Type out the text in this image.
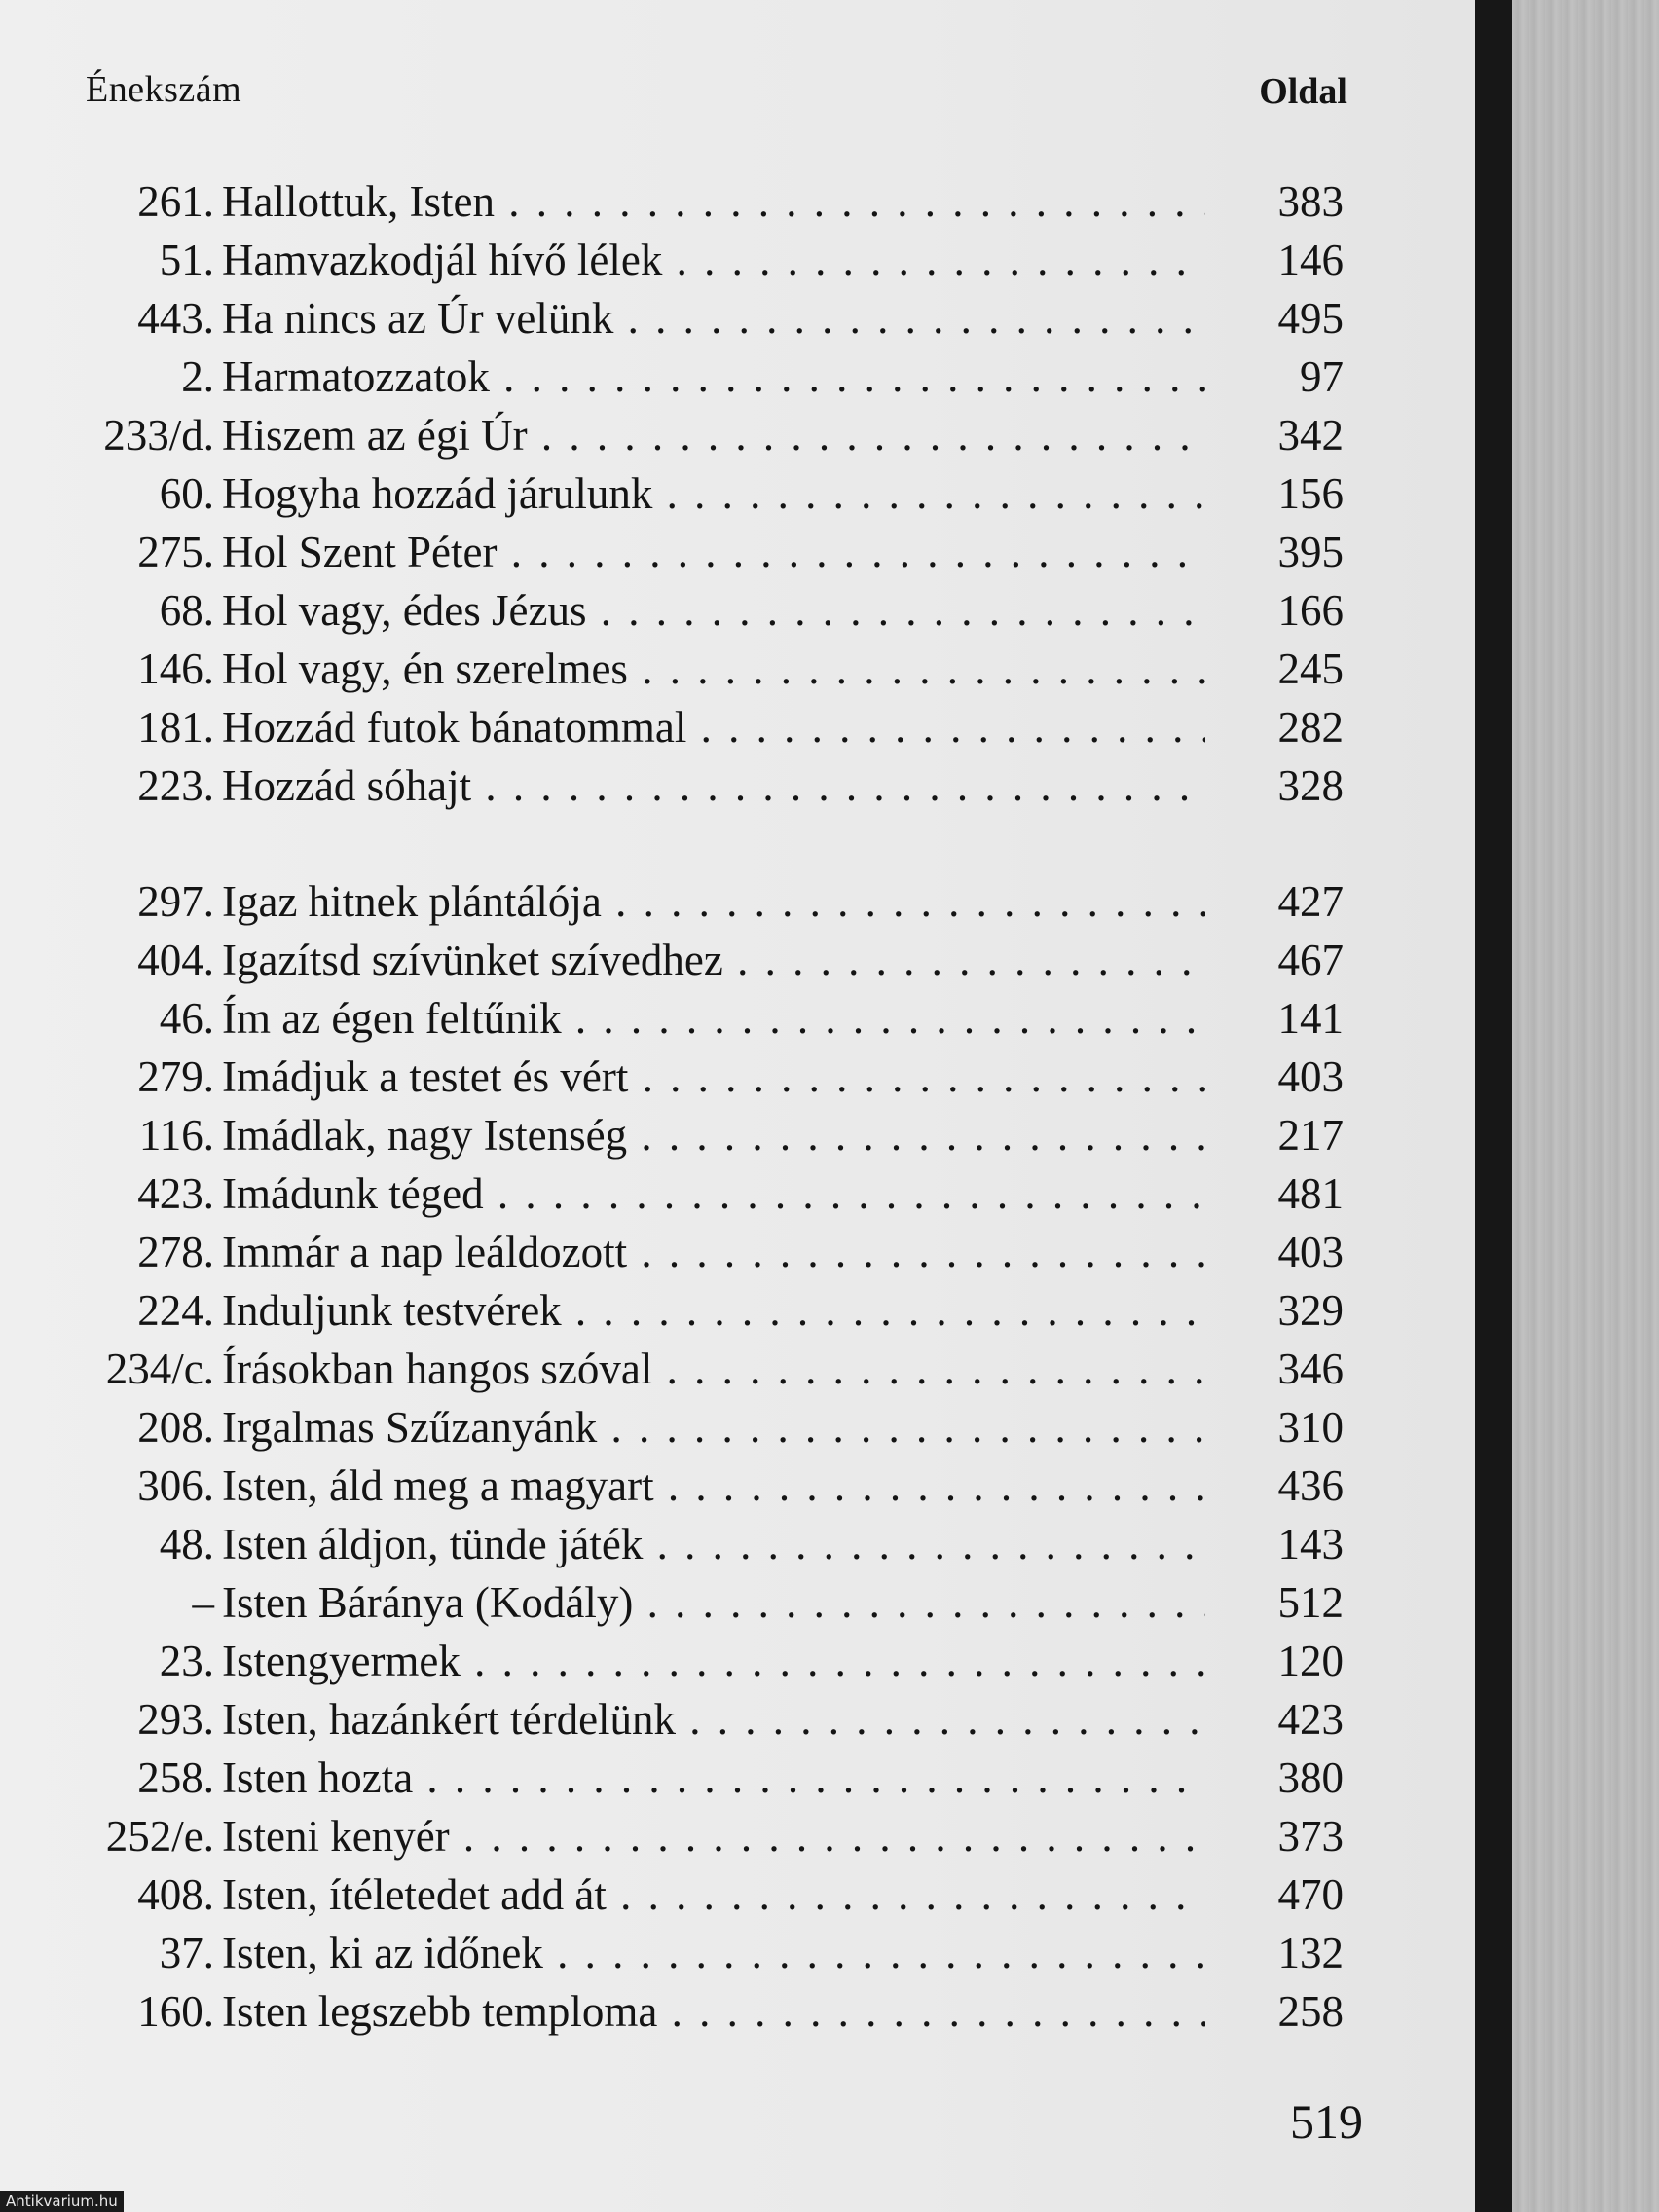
Énekszám	Oldal
261. Hallottuk, Isten . . .	383
51. Hamvazkodjál hívő lélek . . .	146
443. Ha nincs az Úr velünk . . .	495
2. Harmatozzatok . . .	97
233/d. Hiszem az égi Úr . . .	342
60. Hogyha hozzád járulunk . . .	156
275. Hol Szent Péter . . .	395
68. Hol vagy, édes Jézus . . .	166
146. Hol vagy, én szerelmes . . .	245
181. Hozzád futok bánatommal . . .	282
223. Hozzád sóhajt . . .	328
297. Igaz hitnek plántálója . . .	427
404. Igazítsd szívünket szívedhez . . .	467
46. Ím az égen feltűnik . . .	141
279. Imádjuk a testet és vért . . .	403
116. Imádlak, nagy Istenség . . .	217
423. Imádunk téged . . .	481
278. Immár a nap leáldozott . . .	403
224. Induljunk testvérek . . .	329
234/c. Írásokban hangos szóval . . .	346
208. Irgalmas Szűzanyánk . . .	310
306. Isten, áld meg a magyart . . .	436
48. Isten áldjon, tünde játék . . .	143
– Isten Báránya (Kodály) . . .	512
23. Istengyermek . . .	120
293. Isten, hazánkért térdelünk . . .	423
258. Isten hozta . . .	380
252/e. Isteni kenyér . . .	373
408. Isten, ítéletedet add át . . .	470
37. Isten, ki az időnek . . .	132
160. Isten legszebb temploma . . .	258
519
Antikvarium.hu
